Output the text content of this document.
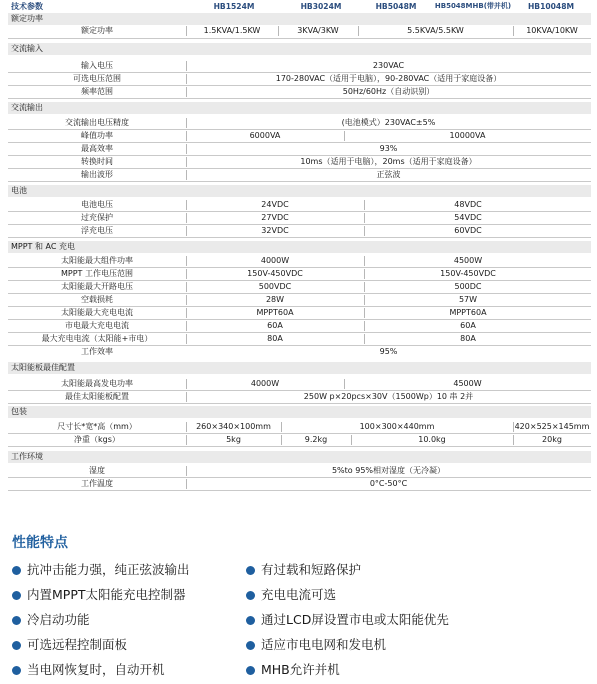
技术参数	HB1524M	HB3024M	HB5048M	HB5048MHB(带并机)	HB10048M
额定功率
额定功率	1.5KVA/1.5KW	3KVA/3KW	5.5KVA/5.5KW	10KVA/10KW
交流输入
输入电压	230VAC
可选电压范围	170-280VAC（适用于电脑），90-280VAC（适用于家庭设备）
频率范围	50Hz/60Hz（自动识别）
交流输出
交流输出电压精度	(电池模式）230VAC±5%
峰值功率	6000VA	10000VA
最高效率	93%
转换时间	10ms（适用于电脑），20ms（适用于家庭设备）
输出波形	正弦波
电池
电池电压	24VDC	48VDC
过充保护	27VDC	54VDC
浮充电压	32VDC	60VDC
MPPT 和 AC 充电
太阳能最大组件功率	4000W	4500W
MPPT 工作电压范围	150V-450VDC	150V-450VDC
太阳能最大开路电压	500VDC	500DC
空载损耗	28W	57W
太阳能最大充电电流	MPPT60A	MPPT60A
市电最大充电电流	60A	60A
最大充电电流（太阳能+市电）	80A	80A
工作效率	95%
太阳能板最佳配置
太阳能最高发电功率	4000W	4500W
最佳太阳能板配置	250W p×20pcs×30V（1500Wp）10 串 2并
包装
尺寸长*宽*高（mm）	260×340×100mm	100×300×440mm	420×525×145mm
净重（kgs）	5kg	9.2kg	10.0kg	20kg
工作环境
湿度	5%to 95%相对湿度（无冷凝）
工作温度	0°C-50°C
性能特点
抗冲击能力强，纯正弦波输出
内置MPPT太阳能充电控制器
冷启动功能
可选远程控制面板
当电网恢复时，自动开机
有过载和短路保护
充电电流可选
通过LCD屏设置市电或太阳能优先
适应市电电网和发电机
MHB允许并机
